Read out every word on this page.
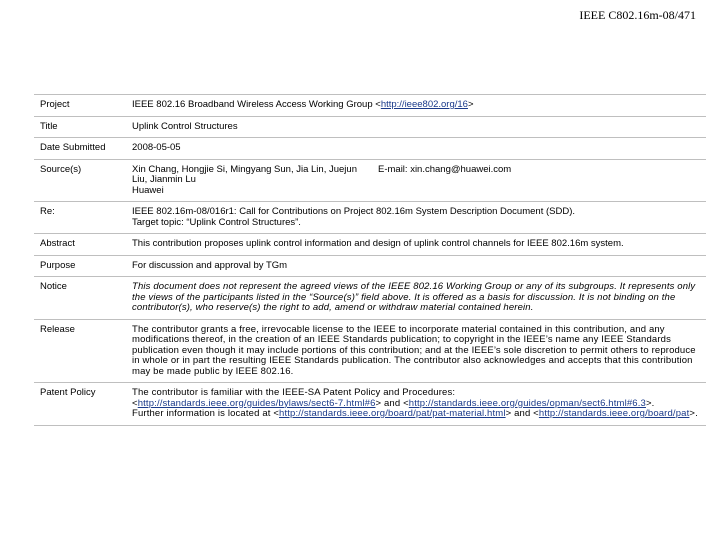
IEEE C802.16m-08/471
Project	IEEE 802.16 Broadband Wireless Access Working Group <http://ieee802.org/16>
Title	Uplink Control Structures
Date Submitted	2008-05-05
Source(s)	Xin Chang, Hongjie Si, Mingyang Sun, Jia Lin, Juejun
Liu, Jianmin Lu
Huawei
E-mail: xin.chang@huawei.com

Re:	IEEE 802.16m-08/016r1: Call for Contributions on Project 802.16m System Description Document (SDD).
Target topic: “Uplink Control Structures”.

Abstract	This contribution proposes uplink control information and design of uplink control channels for IEEE 802.16m system.
Purpose	For discussion and approval by TGm
Notice	This document does not represent the agreed views of the IEEE 802.16 Working Group or any of its subgroups. It represents only the views of the participants listed in the “Source(s)” field above. It is offered as a basis for discussion. It is not binding on the contributor(s), who reserve(s) the right to add, amend or withdraw material contained herein.
Release	The contributor grants a free, irrevocable license to the IEEE to incorporate material contained in this contribution, and any modifications thereof, in the creation of an IEEE Standards publication; to copyright in the IEEE’s name any IEEE Standards publication even though it may include portions of this contribution; and at the IEEE’s sole discretion to permit others to reproduce in whole or in part the resulting IEEE Standards publication. The contributor also acknowledges and accepts that this contribution may be made public by IEEE 802.16.
Patent Policy	The contributor is familiar with the IEEE-SA Patent Policy and Procedures:
<http://standards.ieee.org/guides/bylaws/sect6-7.html#6> and <http://standards.ieee.org/guides/opman/sect6.html#6.3>.
Further information is located at <http://standards.ieee.org/board/pat/pat-material.html> and <http://standards.ieee.org/board/pat>.
